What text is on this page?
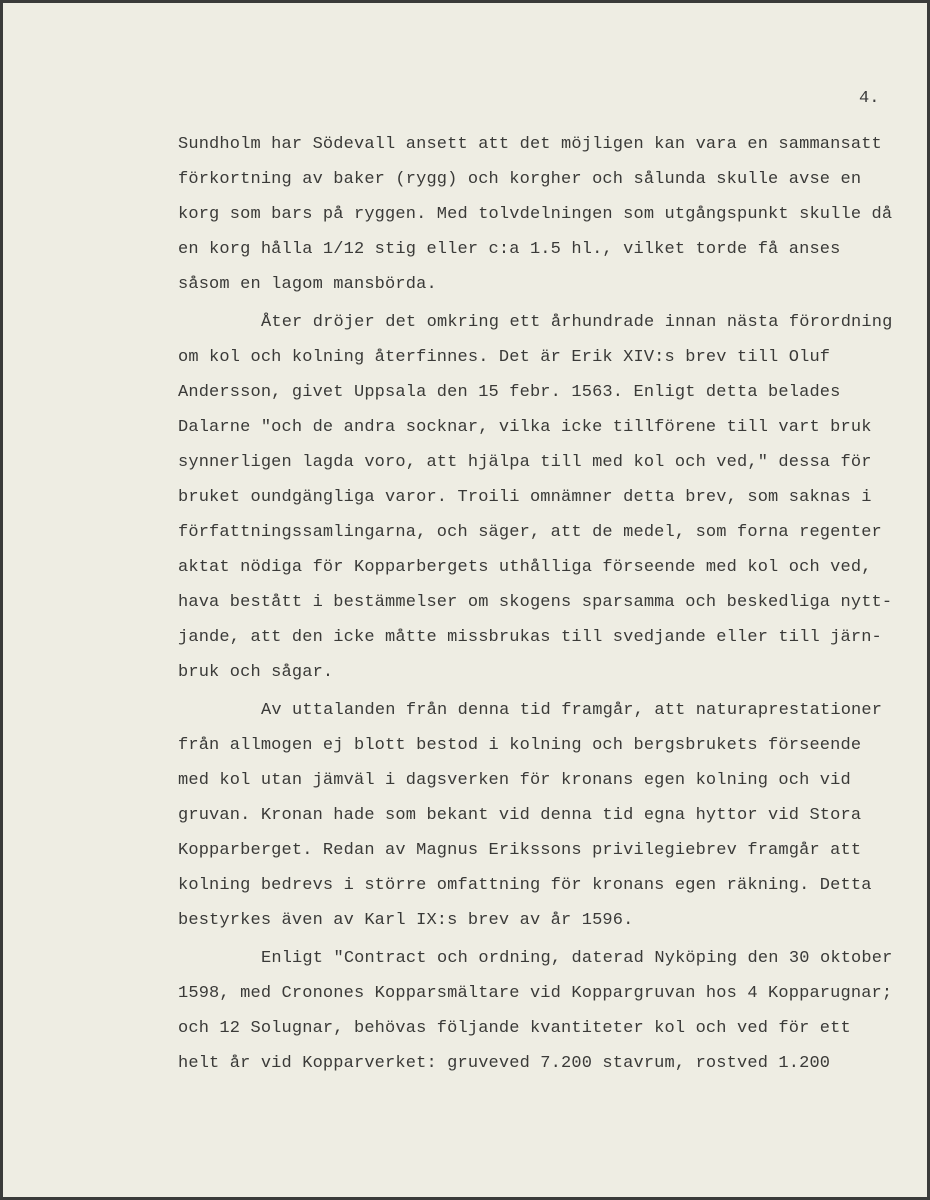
4.
Sundholm har Södevall ansett att det möjligen kan vara en sammansatt
förkortning av baker (rygg) och korgher och sålunda skulle avse en
korg som bars på ryggen. Med tolvdelningen som utgångspunkt skulle då
en korg hålla 1/12 stig eller c:a 1.5 hl., vilket torde få anses
såsom en lagom mansbörda.
Åter dröjer det omkring ett århundrade innan nästa förordning
om kol och kolning återfinnes. Det är Erik XIV:s brev till Oluf
Andersson, givet Uppsala den 15 febr. 1563. Enligt detta belades
Dalarne "och de andra socknar, vilka icke tillförene till vart bruk
synnerligen lagda voro, att hjälpa till med kol och ved," dessa för
bruket oundgängliga varor. Troili omnämner detta brev, som saknas i
författningssamlingarna, och säger, att de medel, som forna regenter
aktat nödiga för Kopparbergets uthålliga förseende med kol och ved,
hava bestått i bestämmelser om skogens sparsamma och beskedliga nytt-
jande, att den icke måtte missbrukas till svedjande eller till järn-
bruk och sågar.
Av uttalanden från denna tid framgår, att naturaprestationer
från allmogen ej blott bestod i kolning och bergsbrukets förseende
med kol utan jämväl i dagsverken för kronans egen kolning och vid
gruvan. Kronan hade som bekant vid denna tid egna hyttor vid Stora
Kopparberget. Redan av Magnus Erikssons privilegiebrev framgår att
kolning bedrevs i större omfattning för kronans egen räkning. Detta
bestyrkes även av Karl IX:s brev av år 1596.
Enligt "Contract och ordning, daterad Nyköping den 30 oktober
1598, med Cronones Kopparsmältare vid Koppargruvan hos 4 Kopparugnar;
och 12 Solugnar, behövas följande kvantiteter kol och ved för ett
helt år vid Kopparverket: gruveved 7.200 stavrum, rostved 1.200
